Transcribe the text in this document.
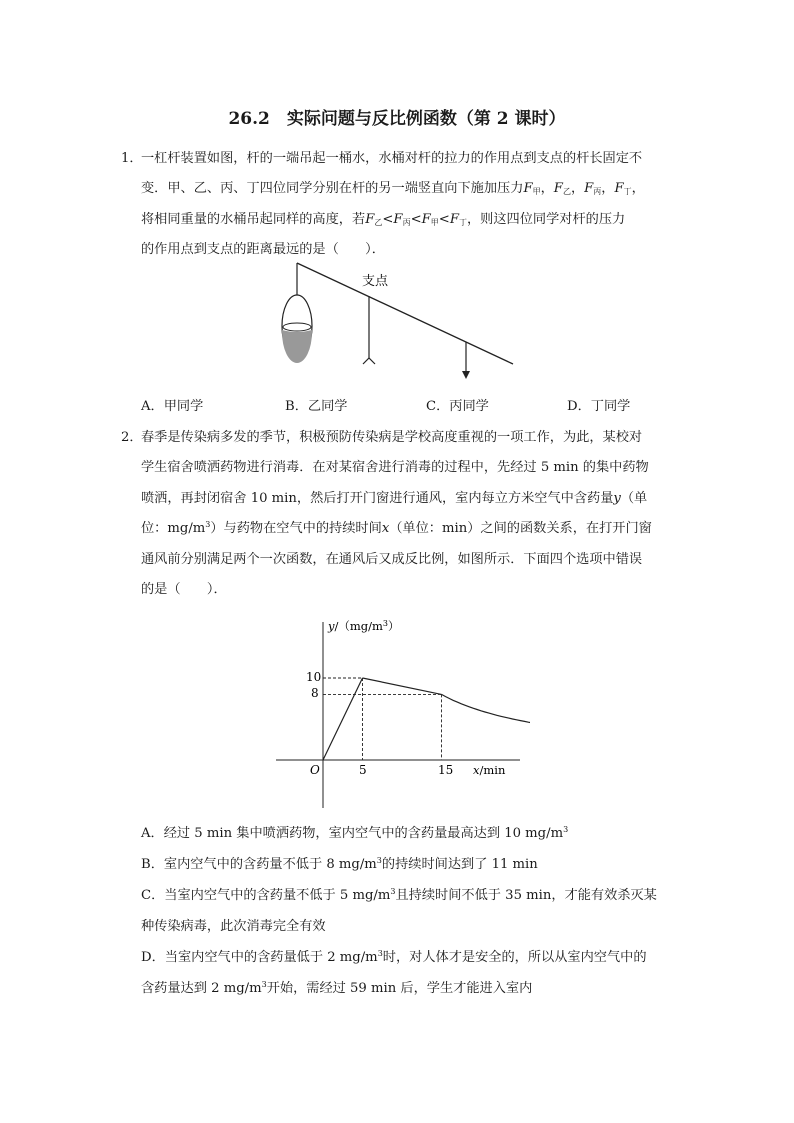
26.2　实际问题与反比例函数（第 2 课时）
1．
一杠杆装置如图，杆的一端吊起一桶水，水桶对杆的拉力的作用点到支点的杆长固定不
变．甲、乙、丙、丁四位同学分别在杆的另一端竖直向下施加压力$F_甲$，$F_乙$，$F_丙$，$F_丁$，
将相同重量的水桶吊起同样的高度，若$F_乙<F_丙<F_甲<F_丁$，则这四位同学对杆的压力
的作用点到支点的距离最远的是（　　）．
支点
A．甲同学	B．乙同学	C．丙同学	D．丁同学
2．
春季是传染病多发的季节，积极预防传染病是学校高度重视的一项工作，为此，某校对
学生宿舍喷洒药物进行消毒．在对某宿舍进行消毒的过程中，先经过 5 min 的集中药物
喷洒，再封闭宿舍 10 min，然后打开门窗进行通风，室内每立方米空气中含药量y（单
位：$mg/m^3$）与药物在空气中的持续时间x（单位：min）之间的函数关系，在打开门窗
通风前分别满足两个一次函数，在通风后又成反比例，如图所示．下面四个选项中错误
的是（　　）．
$y/(mg/m^3)$
x/min
O	5	15
10
8
A．经过 5 min 集中喷洒药物，室内空气中的含药量最高达到 10 $mg/m^3$
B．室内空气中的含药量不低于 8 $mg/m^3$的持续时间达到了 11 min
C．当室内空气中的含药量不低于 5 $mg/m^3$且持续时间不低于 35 min，才能有效杀灭某
种传染病毒，此次消毒完全有效
D．当室内空气中的含药量低于 2 $mg/m^3$时，对人体才是安全的，所以从室内空气中的
含药量达到 2 $mg/m^3$开始，需经过 59 min 后，学生才能进入室内
